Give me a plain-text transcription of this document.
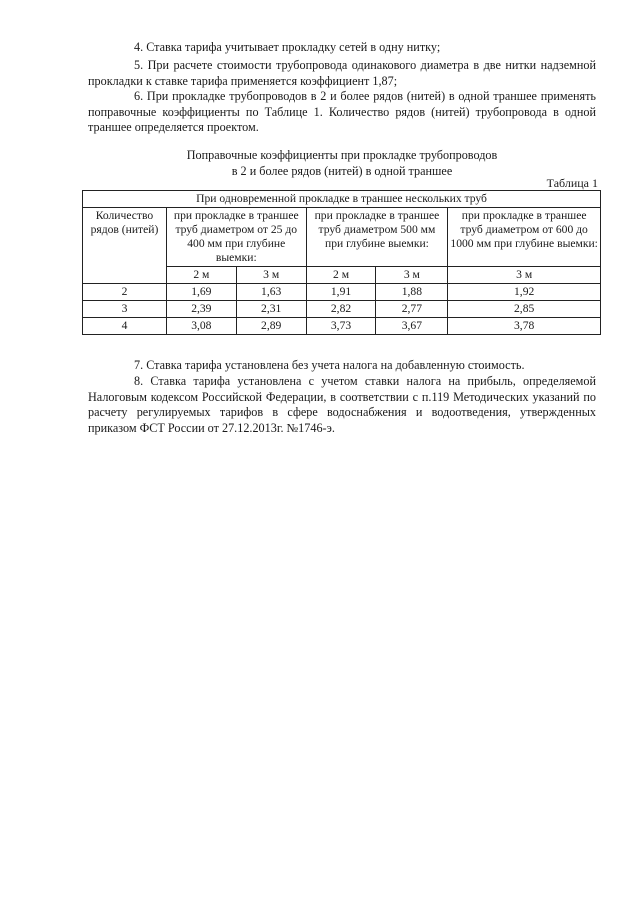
4. Ставка тарифа учитывает прокладку сетей в одну нитку;
5. При расчете стоимости трубопровода одинакового диаметра в две нитки надземной прокладки к ставке тарифа применяется коэффициент 1,87;
6. При прокладке трубопроводов в 2 и более рядов (нитей) в одной траншее применять поправочные коэффициенты по Таблице 1. Количество рядов (нитей) трубопровода в одной траншее определяется проектом.
Поправочные коэффициенты при прокладке трубопроводов
в 2 и более рядов (нитей) в одной траншее
Таблица 1
При одновременной прокладке в траншее нескольких труб					
Количество рядов (нитей)	при прокладке в траншее труб диаметром от 25 до 400 мм при глубине выемки:		при прокладке в траншее труб диаметром 500 мм при глубине выемки:		при прокладке в траншее труб диаметром от 600 до 1000 мм при глубине выемки:
	2 м	3 м	2 м	3 м	3 м
2	1,69	1,63	1,91	1,88	1,92
3	2,39	2,31	2,82	2,77	2,85
4	3,08	2,89	3,73	3,67	3,78
7. Ставка тарифа установлена без учета налога на добавленную стоимость.
8. Ставка тарифа установлена с учетом ставки налога на прибыль, определяемой Налоговым кодексом Российской Федерации, в соответствии с п.119 Методических указаний по расчету регулируемых тарифов в сфере водоснабжения и водоотведения, утвержденных приказом ФСТ России от 27.12.2013г. №1746-э.
